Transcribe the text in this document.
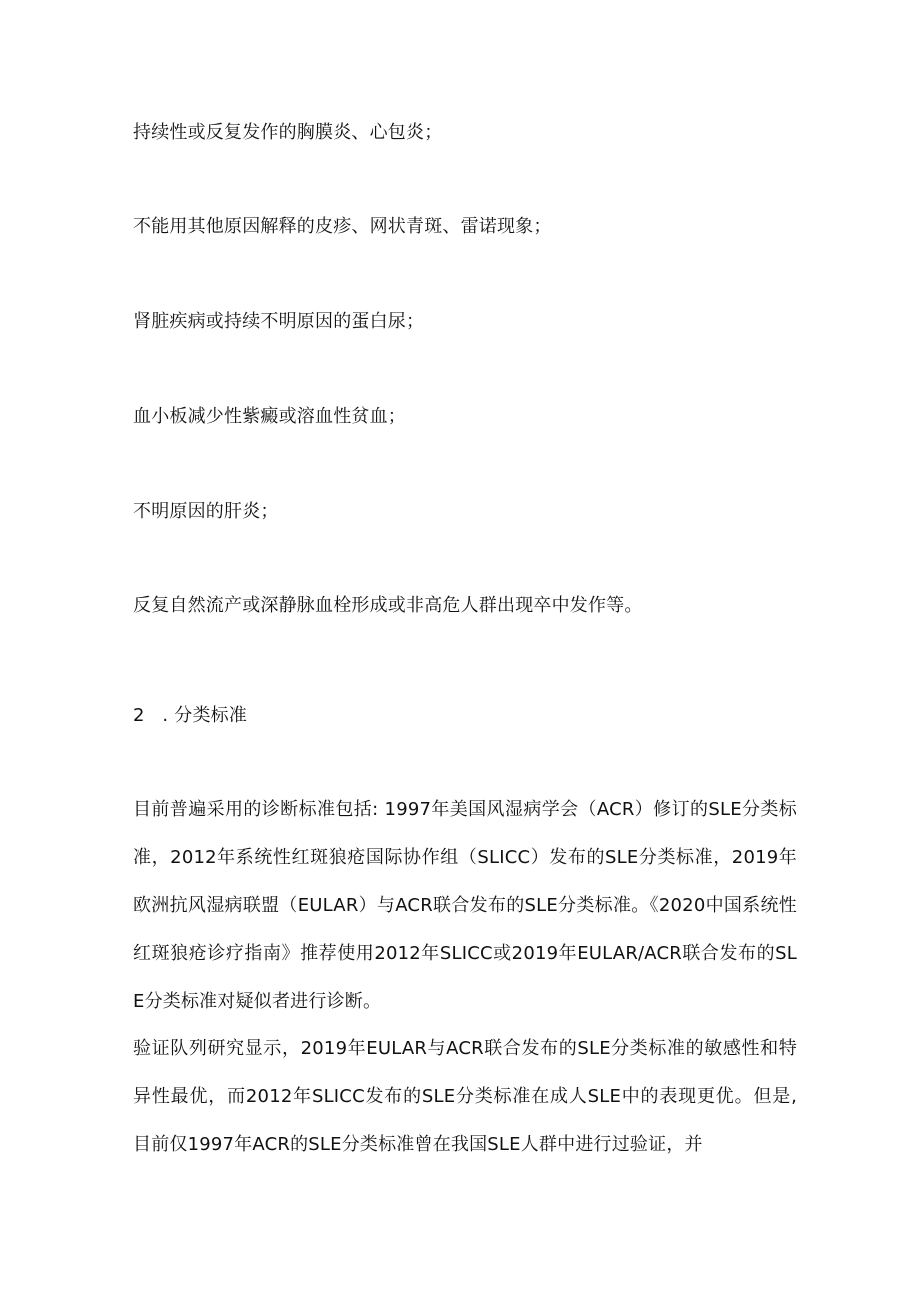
持续性或反复发作的胸膜炎、心包炎；
不能用其他原因解释的皮疹、网状青斑、雷诺现象；
肾脏疾病或持续不明原因的蛋白尿；
血小板减少性紫癜或溶血性贫血；
不明原因的肝炎；
反复自然流产或深静脉血栓形成或非高危人群出现卒中发作等。
2   . 分类标准
目前普遍采用的诊断标准包括: 1997年美国风湿病学会（ACR）修订的SLE分类标准，2012年系统性红斑狼疮国际协作组（SLICC）发布的SLE分类标准，2019年欧洲抗风湿病联盟（EULAR）与ACR联合发布的SLE分类标准。《2020中国系统性红斑狼疮诊疗指南》推荐使用2012年SLICC或2019年EULAR/ACR联合发布的SLE分类标准对疑似者进行诊断。
验证队列研究显示，2019年EULAR与ACR联合发布的SLE分类标准的敏感性和特异性最优，而2012年SLICC发布的SLE分类标准在成人SLE中的表现更优。但是, 目前仅1997年ACR的SLE分类标准曾在我国SLE人群中进行过验证，并
